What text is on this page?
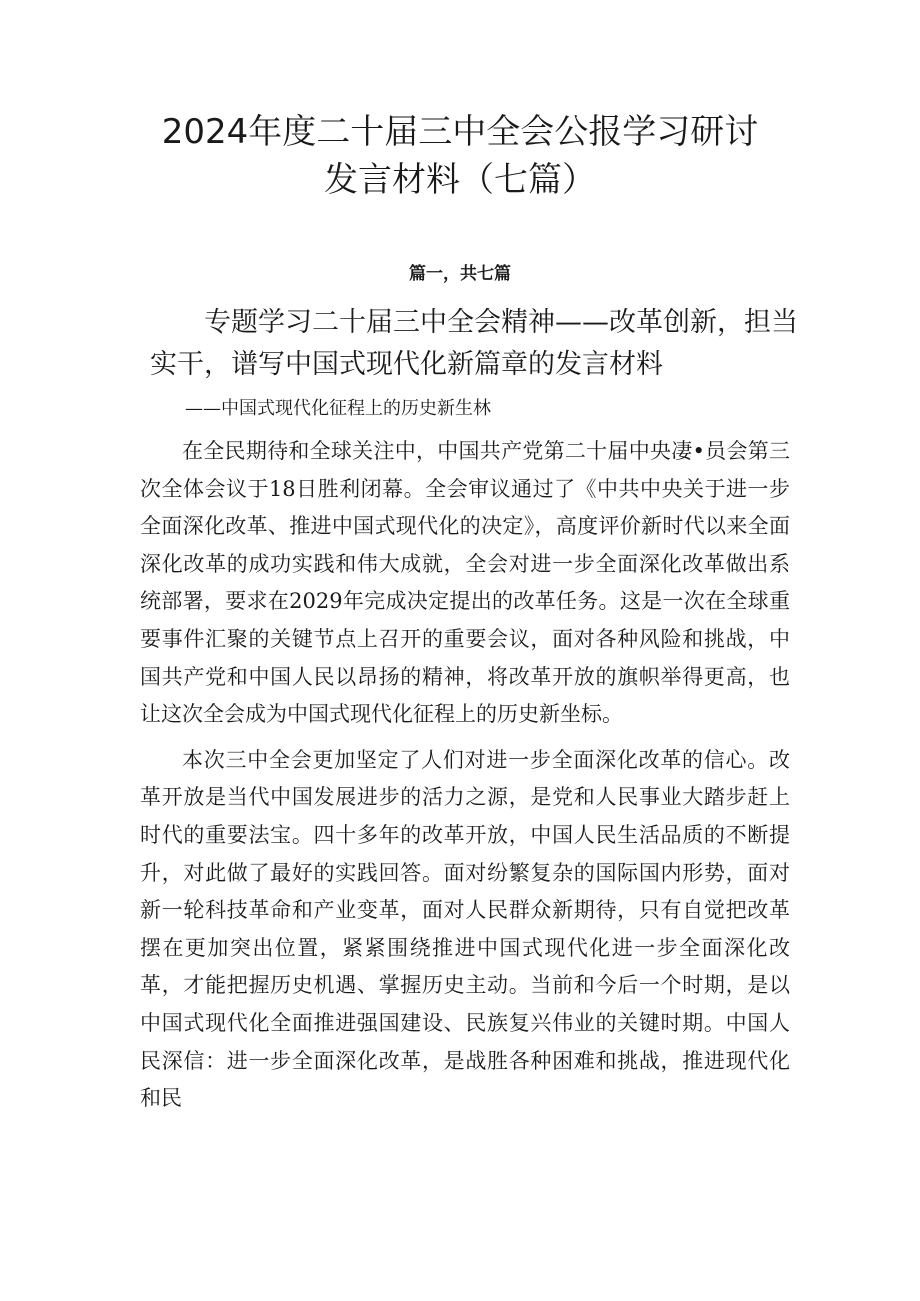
2024年度二十届三中全会公报学习研讨发言材料（七篇）
篇一，共七篇
专题学习二十届三中全会精神——改革创新，担当
实干，谱写中国式现代化新篇章的发言材料
——中国式现代化征程上的历史新生林

在全民期待和全球关注中，中国共产党第二十届中央凄•员会第三次全体会议于18日胜利闭幕。全会审议通过了《中共中央关于进一步全面深化改革、推进中国式现代化的决定》，高度评价新时代以来全面深化改革的成功实践和伟大成就，全会对进一步全面深化改革做出系统部署，要求在2029年完成决定提出的改革任务。这是一次在全球重要事件汇聚的关键节点上召开的重要会议，面对各种风险和挑战，中国共产党和中国人民以昂扬的精神，将改革开放的旗帜举得更高，也让这次全会成为中国式现代化征程上的历史新坐标。

本次三中全会更加坚定了人们对进一步全面深化改革的信心。改革开放是当代中国发展进步的活力之源，是党和人民事业大踏步赶上时代的重要法宝。四十多年的改革开放，中国人民生活品质的不断提升，对此做了最好的实践回答。面对纷繁复杂的国际国内形势，面对新一轮科技革命和产业变革，面对人民群众新期待，只有自觉把改革摆在更加突出位置，紧紧围绕推进中国式现代化进一步全面深化改革，才能把握历史机遇、掌握历史主动。当前和今后一个时期，是以中国式现代化全面推进强国建设、民族复兴伟业的关键时期。中国人民深信：进一步全面深化改革，是战胜各种困难和挑战，推进现代化和民
